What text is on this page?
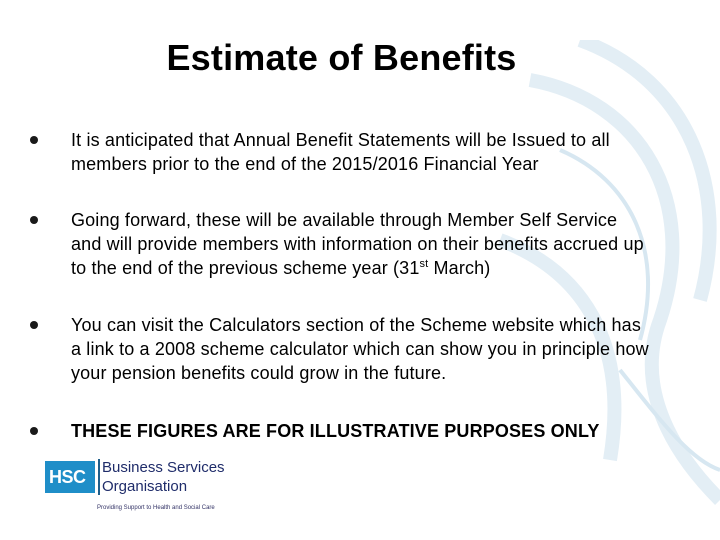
Estimate of Benefits
It is anticipated that Annual Benefit Statements will be Issued to all
members prior to the end of the 2015/2016 Financial Year
Going forward, these will be available through Member Self Service
and will provide members with information on their benefits accrued up
to the end of the previous scheme year (31st March)
You can visit the Calculators section of the Scheme website which has
a link to a 2008 scheme calculator which can show you in principle how
your pension benefits could grow in the future.
THESE FIGURES ARE FOR ILLUSTRATIVE PURPOSES ONLY
HSC Business Services
Organisation
Providing Support to Health and Social Care
